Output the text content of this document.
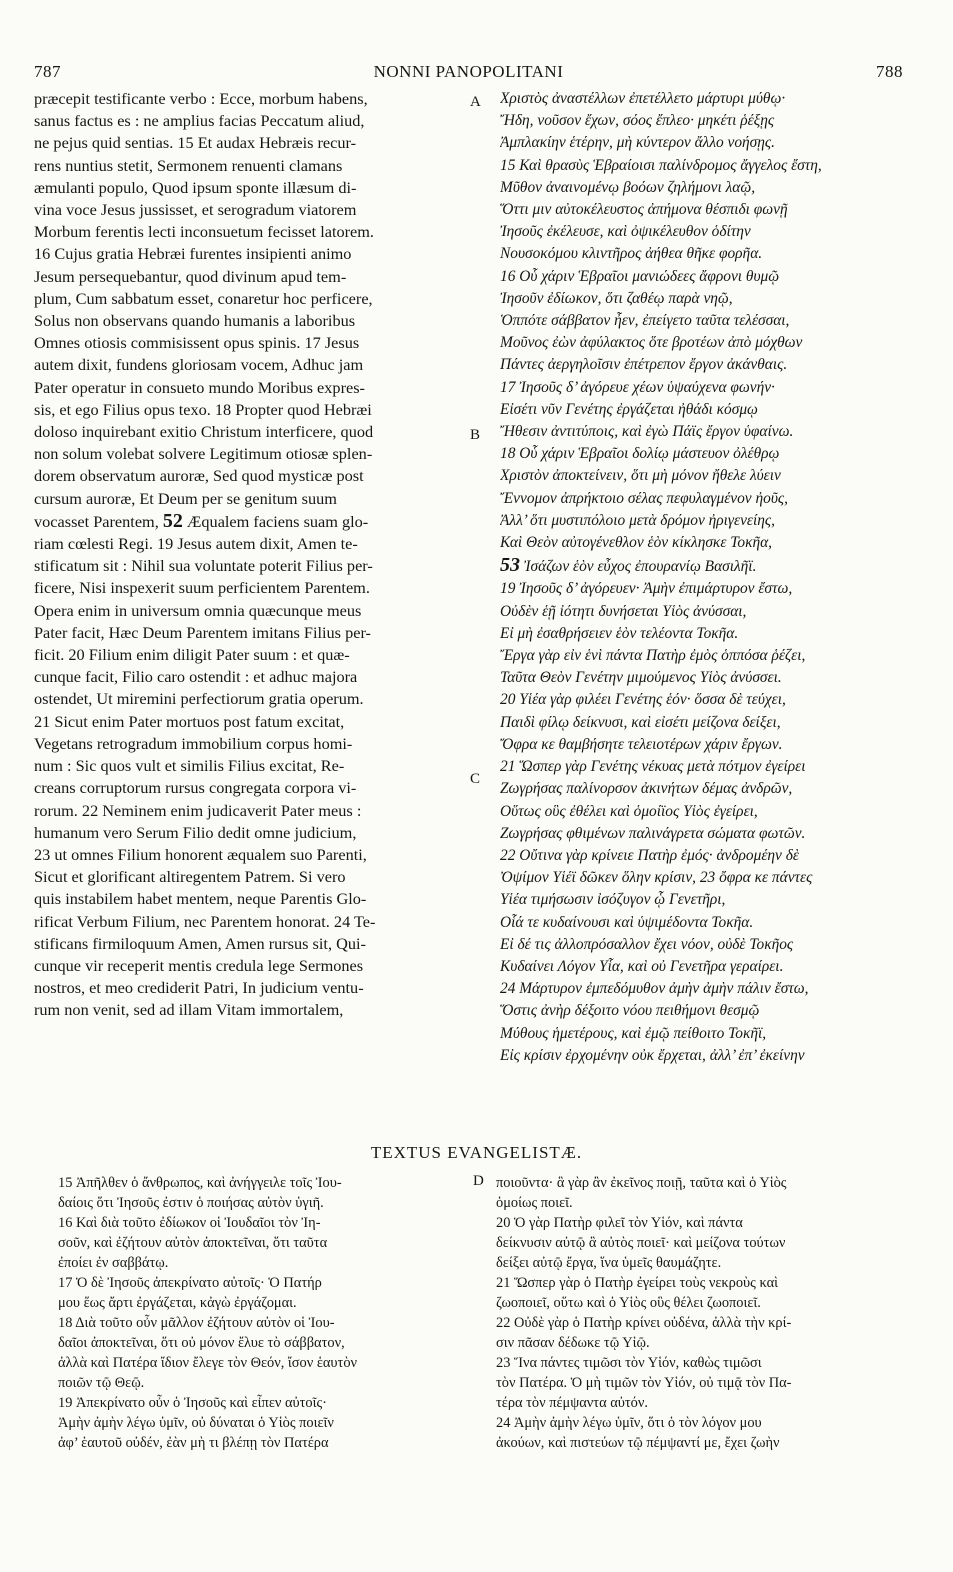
787	NONNI PANOPOLITANI	788
præcepit testificante verbo : Ecce, morbum habens,
sanus factus es : ne amplius facias Peccatum aliud,
ne pejus quid sentias. 15 Et audax Hebræis recur-
rens nuntius stetit, Sermonem renuenti clamans
æmulanti populo, Quod ipsum sponte illæsum di-
vina voce Jesus jussisset, et serogradum viatorem
Morbum ferentis lecti inconsuetum fecisset latorem.
16 Cujus gratia Hebræi furentes insipienti animo
Jesum persequebantur, quod divinum apud tem-
plum, Cum sabbatum esset, conaretur hoc perficere,
Solus non observans quando humanis a laboribus
Omnes otiosis commisissent opus spinis. 17 Jesus
autem dixit, fundens gloriosam vocem, Adhuc jam
Pater operatur in consueto mundo Moribus expres-
sis, et ego Filius opus texo. 18 Propter quod Hebræi
doloso inquirebant exitio Christum interficere, quod
non solum volebat solvere Legitimum otiosæ splen-
dorem observatum auroræ, Sed quod mysticæ post
cursum auroræ, Et Deum per se genitum suum
vocasset Parentem, 52 Æqualem faciens suam glo-
riam cœlesti Regi. 19 Jesus autem dixit, Amen te-
stificatum sit : Nihil sua voluntate poterit Filius per-
ficere, Nisi inspexerit suum perficientem Parentem.
Opera enim in universum omnia quæcunque meus
Pater facit, Hæc Deum Parentem imitans Filius per-
ficit. 20 Filium enim diligit Pater suum : et quæ-
cunque facit, Filio caro ostendit : et adhuc majora
ostendet, Ut miremini perfectiorum gratia operum.
21 Sicut enim Pater mortuos post fatum excitat,
Vegetans retrogradum immobilium corpus homi-
num : Sic quos vult et similis Filius excitat, Re-
creans corruptorum rursus congregata corpora vi-
rorum. 22 Neminem enim judicaverit Pater meus :
humanum vero Serum Filio dedit omne judicium,
23 ut omnes Filium honorent æqualem suo Parenti,
Sicut et glorificant altiregentem Patrem. Si vero
quis instabilem habet mentem, neque Parentis Glo-
rificat Verbum Filium, nec Parentem honorat. 24 Te-
stificans firmiloquum Amen, Amen rursus sit, Qui-
cunque vir receperit mentis credula lege Sermones
nostros, et meo crediderit Patri, In judicium ventu-
rum non venit, sed ad illam Vitam immortalem,
Χριστὸς ἀναστέλλων ἐπετέλλετο μάρτυρι μύθῳ·
Ἤδη, νοῦσον ἔχων, σόος ἔπλεο· μηκέτι ῥέξῃς
Ἀμπλακίην ἑτέρην, μὴ κύντερον ἄλλο νοήσῃς.
15 Καὶ θρασὺς Ἑβραίοισι παλίνδρομος ἄγγελος ἔστη,
Μῦθον ἀναινομένῳ βοόων ζηλήμονι λαῷ,
Ὅττι μιν αὐτοκέλευστος ἀπήμονα θέσπιδι φωνῇ
Ἰησοῦς ἐκέλευσε, καὶ ὀψικέλευθον ὁδίτην
Νουσοκόμου κλιντῆρος ἀήθεα θῆκε φορῆα.
16 Οὗ χάριν Ἑβραῖοι μανιώδεες ἄφρονι θυμῷ
Ἰησοῦν ἐδίωκον, ὅτι ζαθέῳ παρὰ νηῷ,
Ὁππότε σάββατον ἦεν, ἐπείγετο ταῦτα τελέσσαι,
Μοῦνος ἐὼν ἀφύλακτος ὅτε βροτέων ἀπὸ μόχθων
Πάντες ἀεργηλοῖσιν ἐπέτρεπον ἔργον ἀκάνθαις.
17 Ἰησοῦς δ’ ἀγόρευε χέων ὑψαύχενα φωνήν·
Εἰσέτι νῦν Γενέτης ἐργάζεται ἠθάδι κόσμῳ
Ἤθεσιν ἀντιτύποις, καὶ ἐγὼ Πάϊς ἔργον ὑφαίνω.
18 Οὗ χάριν Ἑβραῖοι δολίῳ μάστευον ὀλέθρῳ
Χριστὸν ἀποκτείνειν, ὅτι μὴ μόνον ἤθελε λύειν
Ἔννομον ἀπρήκτοιο σέλας πεφυλαγμένον ἠοῦς,
Ἀλλ’ ὅτι μυστιπόλοιο μετὰ δρόμον ἠριγενείης,
Καὶ Θεὸν αὐτογένεθλον ἑὸν κίκλησκε Τοκῆα,
53 Ἰσάζων ἑὸν εὖχος ἐπουρανίῳ Βασιλῆϊ.
19 Ἰησοῦς δ’ ἀγόρευεν· Ἀμὴν ἐπιμάρτυρον ἔστω,
Οὐδὲν ἑῇ ἰότητι δυνήσεται Υἱὸς ἀνύσσαι,
Εἰ μὴ ἐσαθρήσειεν ἑὸν τελέοντα Τοκῆα.
Ἔργα γὰρ εἰν ἑνὶ πάντα Πατὴρ ἐμὸς ὁππόσα ῥέζει,
Ταῦτα Θεὸν Γενέτην μιμούμενος Υἱὸς ἀνύσσει.
20 Υἱέα γὰρ φιλέει Γενέτης ἑόν· ὅσσα δὲ τεύχει,
Παιδὶ φίλῳ δείκνυσι, καὶ εἰσέτι μείζονα δείξει,
Ὄφρα κε θαμβήσητε τελειοτέρων χάριν ἔργων.
21 Ὥσπερ γὰρ Γενέτης νέκυας μετὰ πότμον ἐγείρει
Ζωγρήσας παλίνορσον ἀκινήτων δέμας ἀνδρῶν,
Οὕτως οὓς ἐθέλει καὶ ὁμοίϊος Υἱὸς ἐγείρει,
Ζωγρήσας φθιμένων παλινάγρετα σώματα φωτῶν.
22 Οὔτινα γὰρ κρίνειε Πατὴρ ἐμός· ἀνδρομέην δὲ
Ὀψίμον Υἱέϊ δῶκεν ὅλην κρίσιν, 23 ὄφρα κε πάντες
Υἱέα τιμήσωσιν ἰσόζυγον ᾧ Γενετῆρι,
Οἷά τε κυδαίνουσι καὶ ὑψιμέδοντα Τοκῆα.
Εἰ δέ τις ἀλλοπρόσαλλον ἔχει νόον, οὐδὲ Τοκῆος
Κυδαίνει Λόγον Υἷα, καὶ οὐ Γενετῆρα γεραίρει.
24 Μάρτυρον ἐμπεδόμυθον ἀμὴν ἀμὴν πάλιν ἔστω,
Ὅστις ἀνὴρ δέξοιτο νόου πειθήμονι θεσμῷ
Μύθους ἡμετέρους, καὶ ἐμῷ πείθοιτο Τοκῆϊ,
Εἰς κρίσιν ἐρχομένην οὐκ ἔρχεται, ἀλλ’ ἐπ’ ἐκείνην
A
B
C
TEXTUS EVANGELISTÆ.
15 Ἀπῆλθεν ὁ ἄνθρωπος, καὶ ἀνήγγειλε τοῖς Ἰου-
δαίοις ὅτι Ἰησοῦς ἐστιν ὁ ποιήσας αὐτὸν ὑγιῆ.
16 Καὶ διὰ τοῦτο ἐδίωκον οἱ Ἰουδαῖοι τὸν Ἰη-
σοῦν, καὶ ἐζήτουν αὐτὸν ἀποκτεῖναι, ὅτι ταῦτα
ἐποίει ἐν σαββάτῳ.
17 Ὁ δὲ Ἰησοῦς ἀπεκρίνατο αὐτοῖς· Ὁ Πατήρ
μου ἕως ἄρτι ἐργάζεται, κἀγὼ ἐργάζομαι.
18 Διὰ τοῦτο οὖν μᾶλλον ἐζήτουν αὐτὸν οἱ Ἰου-
δαῖοι ἀποκτεῖναι, ὅτι οὐ μόνον ἔλυε τὸ σάββατον,
ἀλλὰ καὶ Πατέρα ἴδιον ἔλεγε τὸν Θεόν, ἴσον ἑαυτὸν
ποιῶν τῷ Θεῷ.
19 Ἀπεκρίνατο οὖν ὁ Ἰησοῦς καὶ εἶπεν αὐτοῖς·
Ἀμὴν ἀμὴν λέγω ὑμῖν, οὐ δύναται ὁ Υἱὸς ποιεῖν
ἀφ’ ἑαυτοῦ οὐδέν, ἐὰν μὴ τι βλέπῃ τὸν Πατέρα
D ποιοῦντα· ἃ γὰρ ἂν ἐκεῖνος ποιῇ, ταῦτα καὶ ὁ Υἱὸς
ὁμοίως ποιεῖ.
20 Ὁ γὰρ Πατὴρ φιλεῖ τὸν Υἱόν, καὶ πάντα
δείκνυσιν αὐτῷ ἃ αὐτὸς ποιεῖ· καὶ μείζονα τούτων
δείξει αὐτῷ ἔργα, ἵνα ὑμεῖς θαυμάζητε.
21 Ὥσπερ γὰρ ὁ Πατὴρ ἐγείρει τοὺς νεκροὺς καὶ
ζωοποιεῖ, οὕτω καὶ ὁ Υἱὸς οὓς θέλει ζωοποιεῖ.
22 Οὐδὲ γὰρ ὁ Πατὴρ κρίνει οὐδένα, ἀλλὰ τὴν κρί-
σιν πᾶσαν δέδωκε τῷ Υἱῷ.
23 Ἵνα πάντες τιμῶσι τὸν Υἱόν, καθὼς τιμῶσι
τὸν Πατέρα. Ὁ μὴ τιμῶν τὸν Υἱόν, οὐ τιμᾷ τὸν Πα-
τέρα τὸν πέμψαντα αὐτόν.
24 Ἀμὴν ἀμὴν λέγω ὑμῖν, ὅτι ὁ τὸν λόγον μου
ἀκούων, καὶ πιστεύων τῷ πέμψαντί με, ἔχει ζωὴν
